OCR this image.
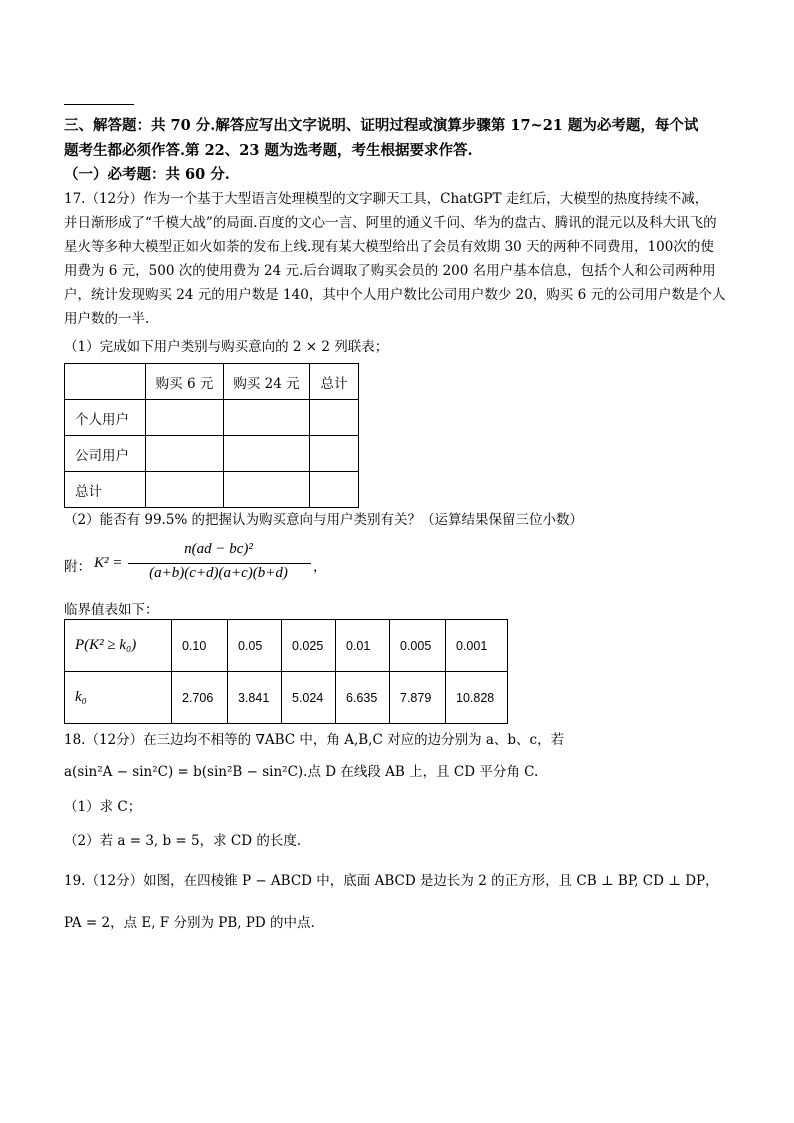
三、解答题：共 70 分.解答应写出文字说明、证明过程或演算步骤第 17~21 题为必考题，每个试
题考生都必须作答.第 22、23 题为选考题，考生根据要求作答.
（一）必考题：共 60 分.
17.（12分）作为一个基于大型语言处理模型的文字聊天工具，ChatGPT 走红后，大模型的热度持续不减，
并日渐形成了“千模大战”的局面.百度的文心一言、阿里的通义千问、华为的盘古、腾讯的混元以及科大讯飞的
星火等多种大模型正如火如荼的发布上线.现有某大模型给出了会员有效期 30 天的两种不同费用，100次的使
用费为 6 元，500 次的使用费为 24 元.后台调取了购买会员的 200 名用户基本信息，包括个人和公司两种用
户，统计发现购买 24 元的用户数是 140，其中个人用户数比公司用户数少 20，购买 6 元的公司用户数是个人
用户数的一半.
（1）完成如下用户类别与购买意向的 2 × 2 列联表；
	购买 6 元	购买 24 元	总计
个人用户			
公司用户			
总计			
（2）能否有 99.5% 的把握认为购买意向与用户类别有关？（运算结果保留三位小数）
附： K² =
n(ad − bc)²
(a+b)(c+d)(a+c)(b+d)	，
临界值表如下：
P(K² ≥ k₀)	0.10	0.05	0.025	0.01	0.005	0.001
k₀	2.706	3.841	5.024	6.635	7.879	10.828
18.（12分）在三边均不相等的 ∇ABC 中，角 A,B,C 对应的边分别为 a、b、c，若
a(sin²A − sin²C) = b(sin²B − sin²C).点 D 在线段 AB 上，且 CD 平分角 C.
（1）求 C；
（2）若 a = 3, b = 5，求 CD 的长度.
19.（12分）如图，在四棱锥 P − ABCD 中，底面 ABCD 是边长为 2 的正方形，且 CB ⊥ BP, CD ⊥ DP，
PA = 2，点 E, F 分别为 PB, PD 的中点.
